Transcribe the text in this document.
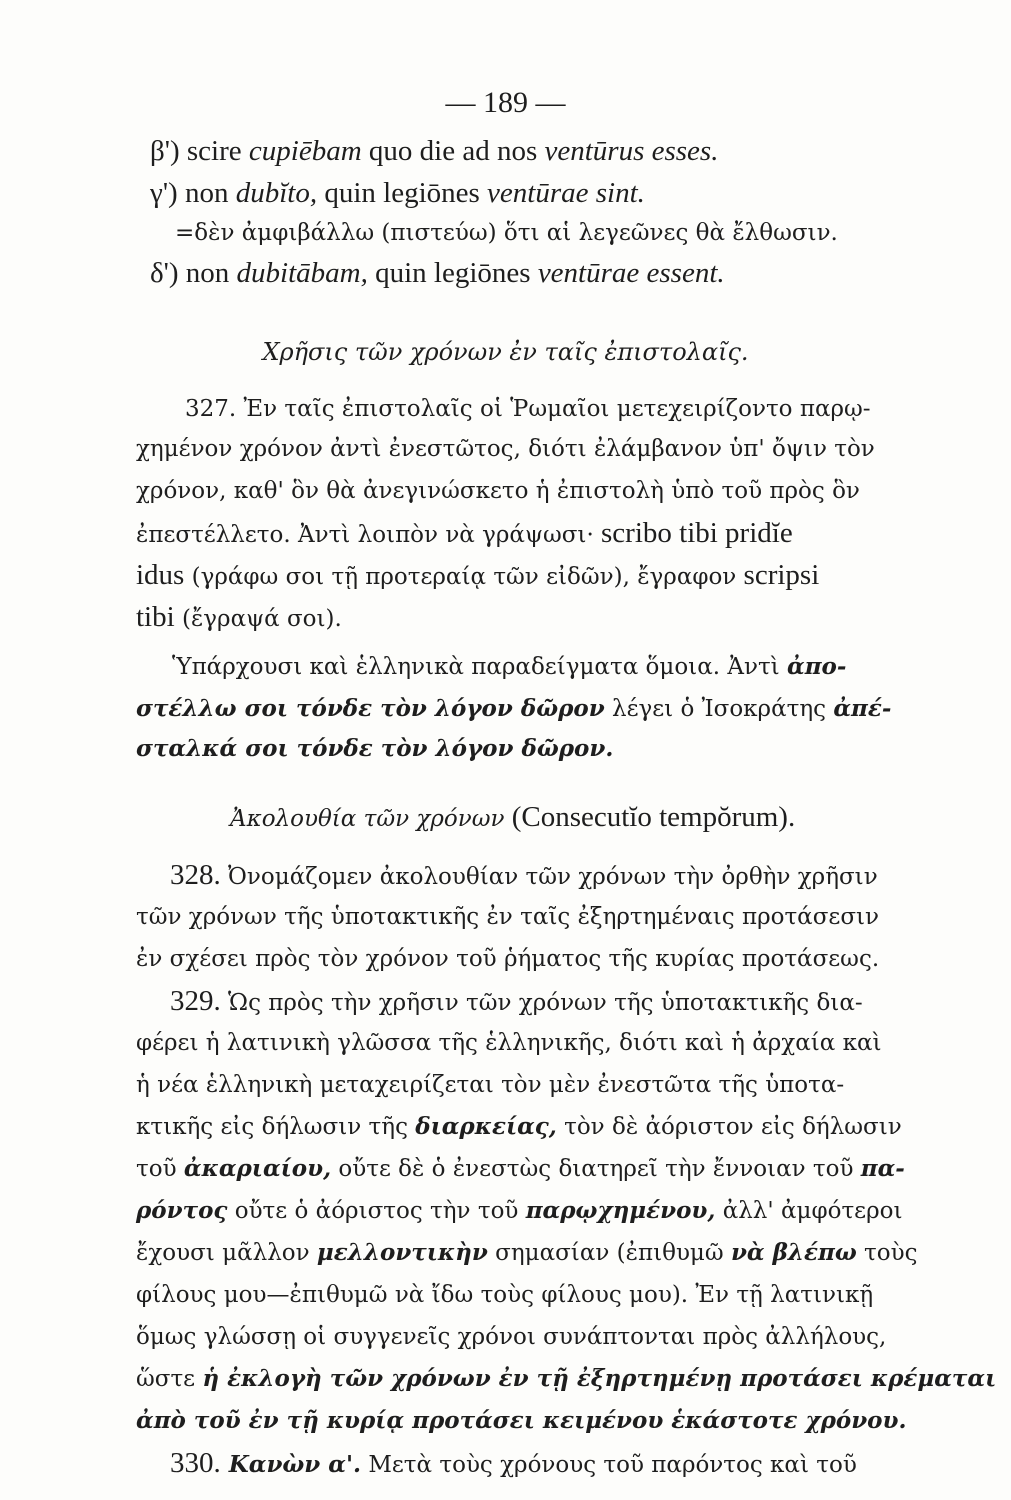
— 189 —
β') scire cupiēbam quo die ad nos ventūrus esses.
γ') non dubĭto, quin legiōnes ventūrae sint.
=δὲν ἀμφιβάλλω (πιστεύω) ὅτι αἱ λεγεῶνες θὰ ἔλθωσιν.
δ') non dubitābam, quin legiōnes ventūrae essent.
Χρῆσις τῶν χρόνων ἐν ταῖς ἐπιστολαῖς.
327. Ἐν ταῖς ἐπιστολαῖς οἱ Ῥωμαῖοι μετεχειρίζοντο παρῳ-
χημένον χρόνον ἀντὶ ἐνεστῶτος, διότι ἐλάμβανον ὑπ' ὄψιν τὸν
χρόνον, καθ' ὃν θὰ ἀνεγινώσκετο ἡ ἐπιστολὴ ὑπὸ τοῦ πρὸς ὃν
ἐπεστέλλετο. Ἀντὶ λοιπὸν νὰ γράψωσι· scribo tibi pridĭe
idus (γράφω σοι τῇ προτεραίᾳ τῶν εἰδῶν), ἔγραφον scripsi
tibi (ἔγραψά σοι).
Ὑπάρχουσι καὶ ἑλληνικὰ παραδείγματα ὅμοια. Ἀντὶ ἀπο-
στέλλω σοι τόνδε τὸν λόγον δῶρον λέγει ὁ Ἰσοκράτης ἀπέ-
σταλκά σοι τόνδε τὸν λόγον δῶρον.
Ἀκολουθία τῶν χρόνων (Consecutĭo tempŏrum).
328. Ὀνομάζομεν ἀκολουθίαν τῶν χρόνων τὴν ὀρθὴν χρῆσιν
τῶν χρόνων τῆς ὑποτακτικῆς ἐν ταῖς ἐξηρτημέναις προτάσεσιν
ἐν σχέσει πρὸς τὸν χρόνον τοῦ ῥήματος τῆς κυρίας προτάσεως.
329. Ὡς πρὸς τὴν χρῆσιν τῶν χρόνων τῆς ὑποτακτικῆς δια-
φέρει ἡ λατινικὴ γλῶσσα τῆς ἑλληνικῆς, διότι καὶ ἡ ἀρχαία καὶ
ἡ νέα ἑλληνικὴ μεταχειρίζεται τὸν μὲν ἐνεστῶτα τῆς ὑποτα-
κτικῆς εἰς δήλωσιν τῆς διαρκείας, τὸν δὲ ἀόριστον εἰς δήλωσιν
τοῦ ἀκαριαίου, οὔτε δὲ ὁ ἐνεστὼς διατηρεῖ τὴν ἔννοιαν τοῦ πα-
ρόντος οὔτε ὁ ἀόριστος τὴν τοῦ παρῳχημένου, ἀλλ' ἀμφότεροι
ἔχουσι μᾶλλον μελλοντικὴν σημασίαν (ἐπιθυμῶ νὰ βλέπω τοὺς
φίλους μου—ἐπιθυμῶ νὰ ἴδω τοὺς φίλους μου). Ἐν τῇ λατινικῇ
ὅμως γλώσσῃ οἱ συγγενεῖς χρόνοι συνάπτονται πρὸς ἀλλήλους,
ὥστε ἡ ἐκλογὴ τῶν χρόνων ἐν τῇ ἐξηρτημένῃ προτάσει κρέμαται
ἀπὸ τοῦ ἐν τῇ κυρίᾳ προτάσει κειμένου ἑκάστοτε χρόνου.
330. Κανὼν α'. Μετὰ τοὺς χρόνους τοῦ παρόντος καὶ τοῦ
